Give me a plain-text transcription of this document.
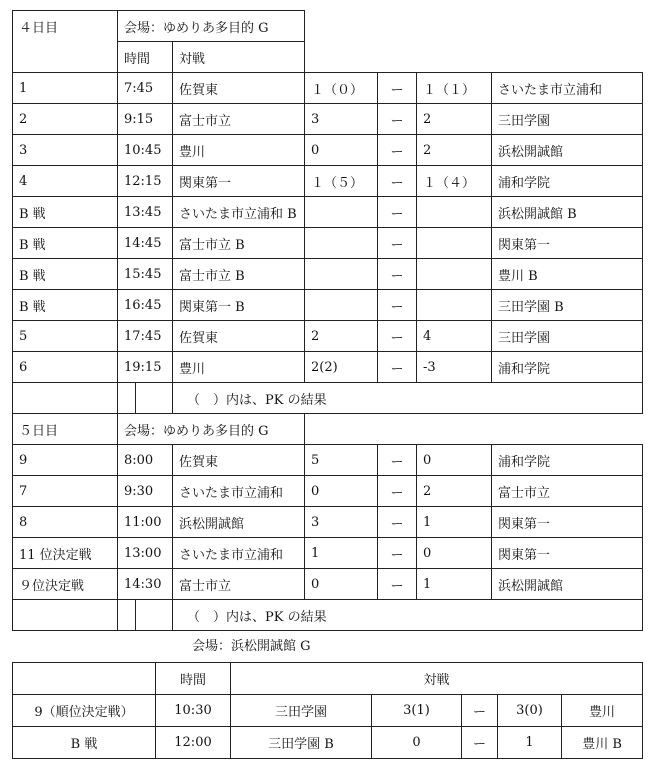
４日目	会場：ゆめりあ多目的 G						
	時間		対戦				
1	7:45		佐賀東	１（０）	ー	１（１）	さいたま市立浦和
2	9:15		富士市立	3	ー	2	三田学園
3	10:45		豊川	0	ー	2	浜松開誠館
4	12:15		関東第一	１（５）	ー	１（４）	浦和学院
B 戦	13:45		さいたま市立浦和 B		ー		浜松開誠館 B
B 戦	14:45		富士市立 B		ー		関東第一
B 戦	15:45		富士市立 B		ー		豊川 B
B 戦	16:45		関東第一 B		ー		三田学園 B
5	17:45		佐賀東	2	ー	4	三田学園
6	19:15		豊川	2(2)	ー	-3	浦和学院
			（　）内は、PK の結果				
５日目	会場：ゆめりあ多目的 G						
9	8:00		佐賀東	5	ー	0	浦和学院
7	9:30		さいたま市立浦和	0	ー	2	富士市立
8	11:00		浜松開誠館	3	ー	1	関東第一
11 位決定戦	13:00		さいたま市立浦和	1	ー	0	関東第一
９位決定戦	14:30		富士市立	0	ー	1	浜松開誠館
			（　）内は、PK の結果				
会場：浜松開誠館 G
	時間	対戦				
9（順位決定戦）	10:30	三田学園	3(1)	ー	3(0)	豊川
B 戦	12:00	三田学園 B	0	ー	1	豊川 B
